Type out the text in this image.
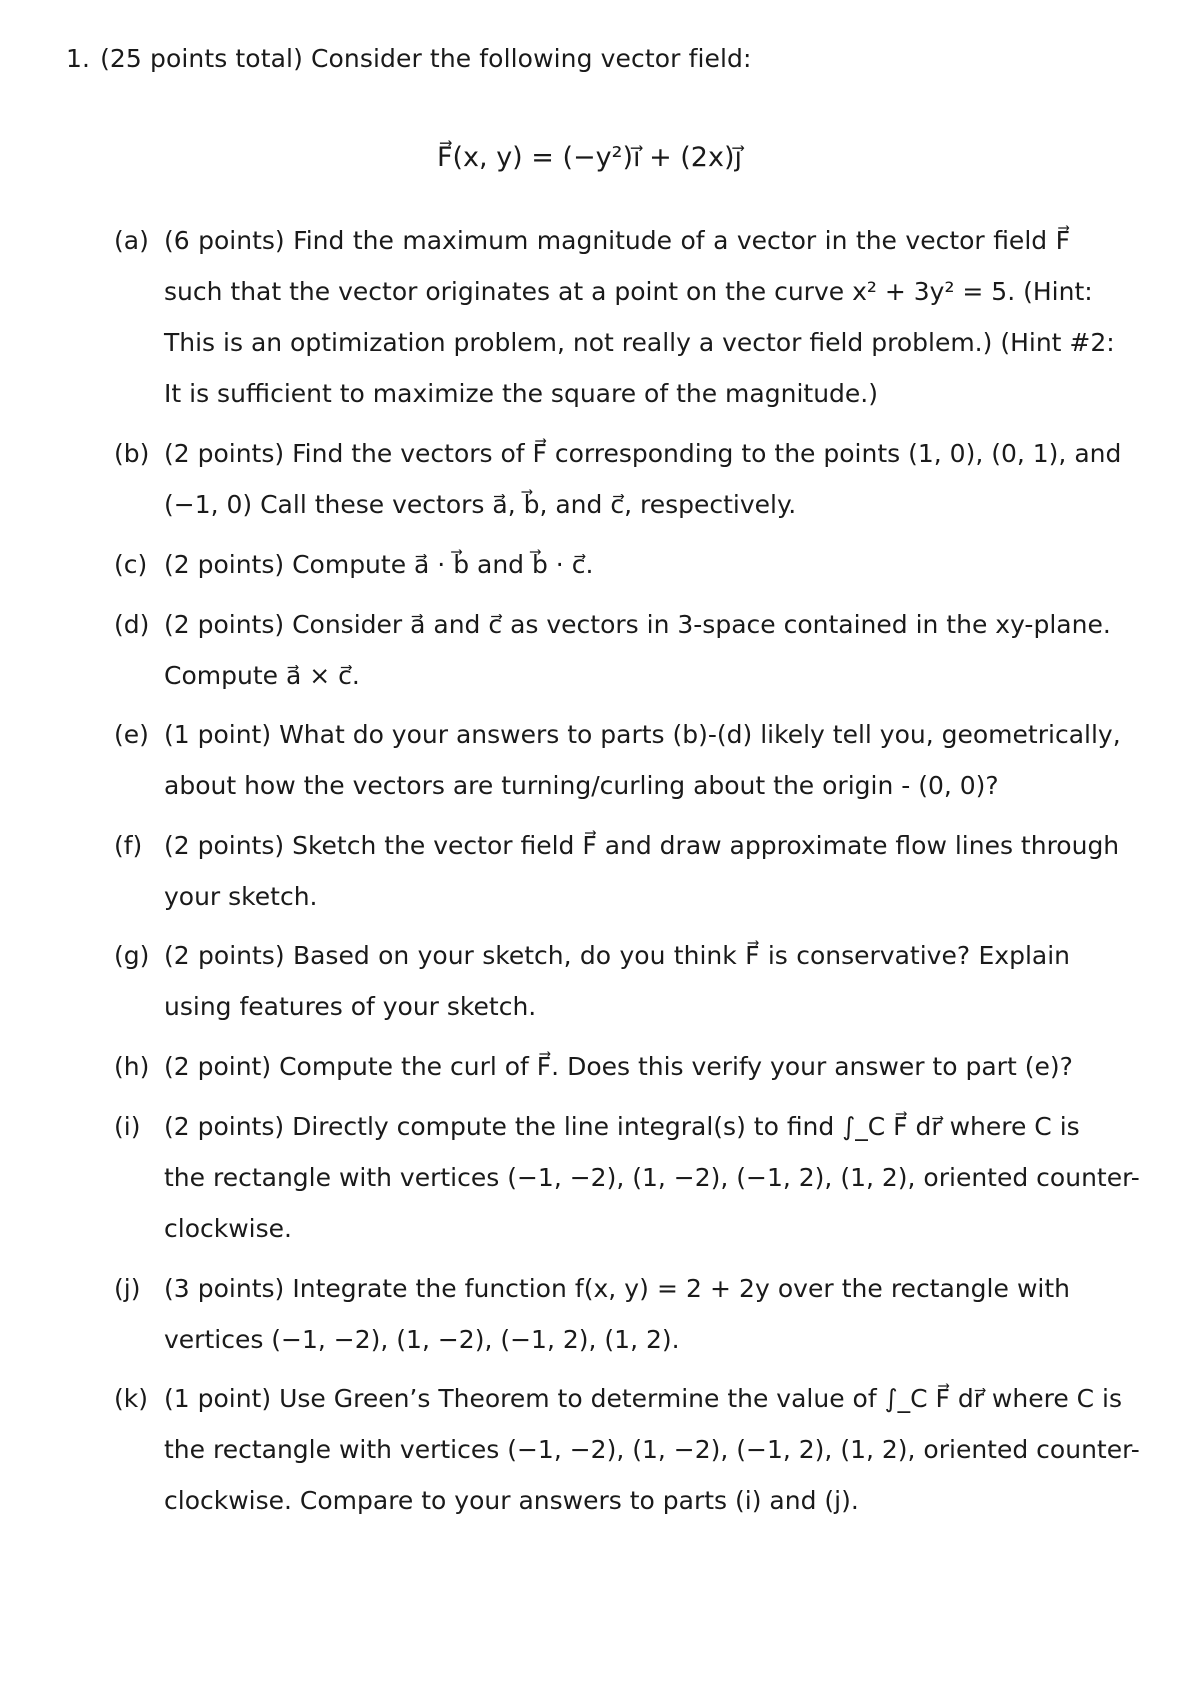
1. (25 points total) Consider the following vector field:
F⃗(x, y) = (−y²)i⃗ + (2x)j⃗
(a) (6 points) Find the maximum magnitude of a vector in the vector field F⃗
such that the vector originates at a point on the curve x² + 3y² = 5. (Hint:
This is an optimization problem, not really a vector field problem.) (Hint #2:
It is sufficient to maximize the square of the magnitude.)
(b) (2 points) Find the vectors of F⃗ corresponding to the points (1, 0), (0, 1), and
(−1, 0) Call these vectors a⃗, b⃗, and c⃗, respectively.
(c) (2 points) Compute a⃗ · b⃗ and b⃗ · c⃗.
(d) (2 points) Consider a⃗ and c⃗ as vectors in 3-space contained in the xy-plane.
Compute a⃗ × c⃗.
(e) (1 point) What do your answers to parts (b)-(d) likely tell you, geometrically,
about how the vectors are turning/curling about the origin - (0, 0)?
(f) (2 points) Sketch the vector field F⃗ and draw approximate flow lines through
your sketch.
(g) (2 points) Based on your sketch, do you think F⃗ is conservative? Explain
using features of your sketch.
(h) (2 point) Compute the curl of F⃗. Does this verify your answer to part (e)?
(i) (2 points) Directly compute the line integral(s) to find ∫_C F⃗ dr⃗ where C is
the rectangle with vertices (−1, −2), (1, −2), (−1, 2), (1, 2), oriented counter-
clockwise.
(j) (3 points) Integrate the function f(x, y) = 2 + 2y over the rectangle with
vertices (−1, −2), (1, −2), (−1, 2), (1, 2).
(k) (1 point) Use Green’s Theorem to determine the value of ∫_C F⃗ dr⃗ where C is
the rectangle with vertices (−1, −2), (1, −2), (−1, 2), (1, 2), oriented counter-
clockwise. Compare to your answers to parts (i) and (j).
